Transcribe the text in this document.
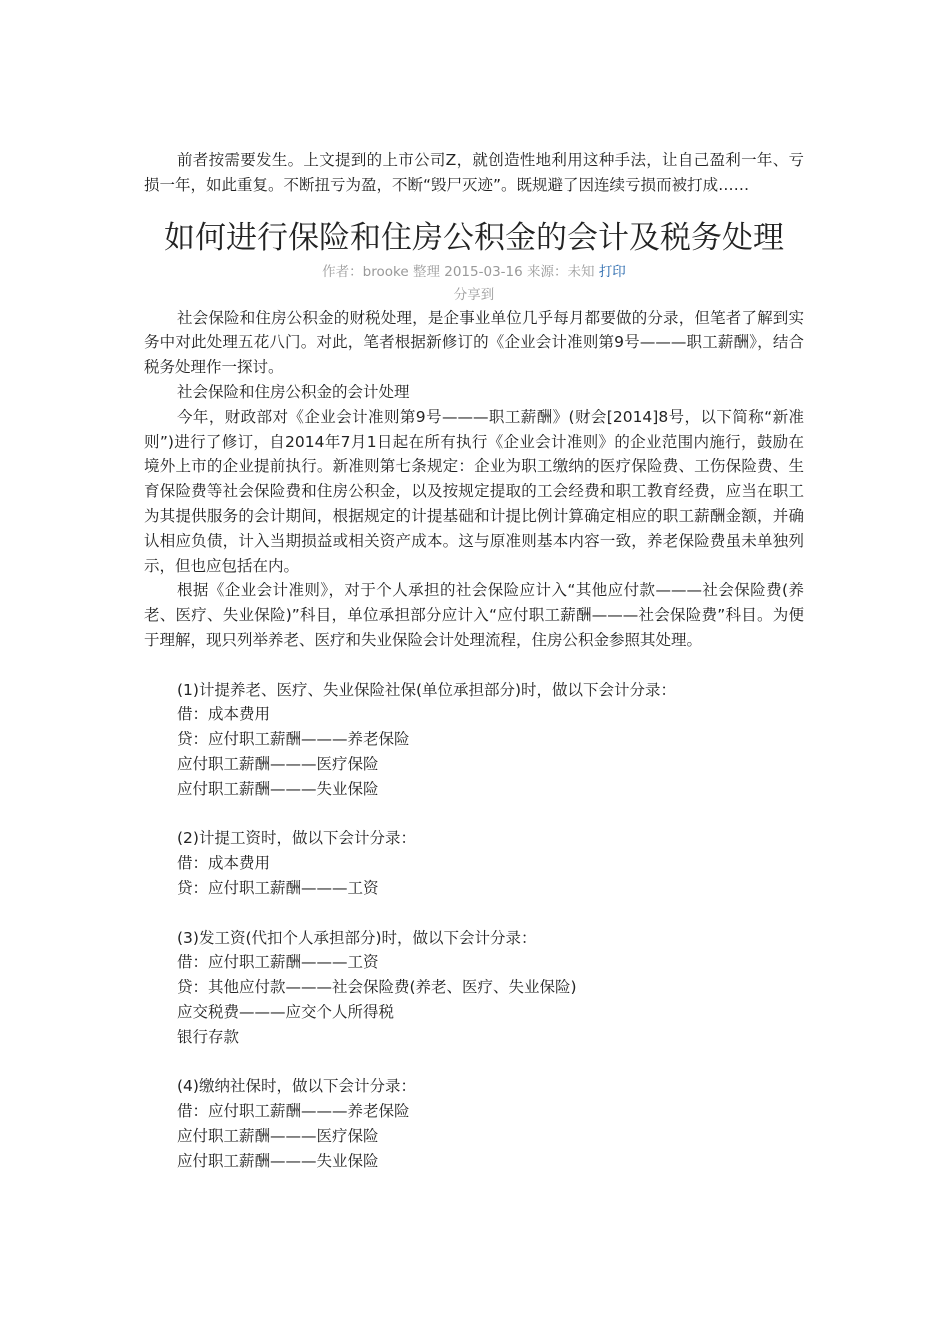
前者按需要发生。上文提到的上市公司Z，就创造性地利用这种手法，让自己盈利一年、亏损一年，如此重复。不断扭亏为盈，不断“毁尸灭迹”。既规避了因连续亏损而被打成……

如何进行保险和住房公积金的会计及税务处理

作者：brooke 整理 2015-03-16 来源：未知 打印

分享到

社会保险和住房公积金的财税处理，是企事业单位几乎每月都要做的分录，但笔者了解到实务中对此处理五花八门。对此，笔者根据新修订的《企业会计准则第9号———职工薪酬》，结合税务处理作一探讨。

社会保险和住房公积金的会计处理

今年，财政部对《企业会计准则第9号———职工薪酬》(财会[2014]8号，以下简称“新准则”)进行了修订，自2014年7月1日起在所有执行《企业会计准则》的企业范围内施行，鼓励在境外上市的企业提前执行。新准则第七条规定：企业为职工缴纳的医疗保险费、工伤保险费、生育保险费等社会保险费和住房公积金，以及按规定提取的工会经费和职工教育经费，应当在职工为其提供服务的会计期间，根据规定的计提基础和计提比例计算确定相应的职工薪酬金额，并确认相应负债，计入当期损益或相关资产成本。这与原准则基本内容一致，养老保险费虽未单独列示，但也应包括在内。

根据《企业会计准则》，对于个人承担的社会保险应计入“其他应付款———社会保险费(养老、医疗、失业保险)”科目，单位承担部分应计入“应付职工薪酬———社会保险费”科目。为便于理解，现只列举养老、医疗和失业保险会计处理流程，住房公积金参照其处理。

(1)计提养老、医疗、失业保险社保(单位承担部分)时，做以下会计分录：

借：成本费用

贷：应付职工薪酬———养老保险

应付职工薪酬———医疗保险

应付职工薪酬———失业保险

(2)计提工资时，做以下会计分录：

借：成本费用

贷：应付职工薪酬———工资

(3)发工资(代扣个人承担部分)时，做以下会计分录：

借：应付职工薪酬———工资

贷：其他应付款———社会保险费(养老、医疗、失业保险)

应交税费———应交个人所得税

银行存款

(4)缴纳社保时，做以下会计分录：

借：应付职工薪酬———养老保险

应付职工薪酬———医疗保险

应付职工薪酬———失业保险
